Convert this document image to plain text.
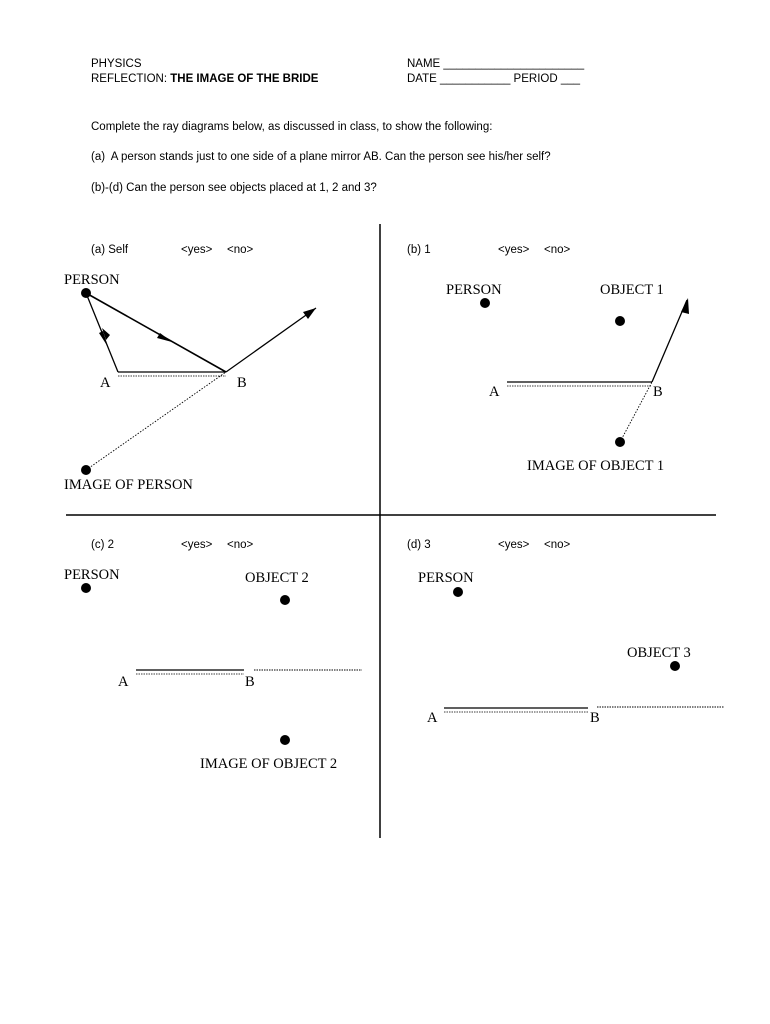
PHYSICS
REFLECTION: THE IMAGE OF THE BRIDE
NAME ______________________
DATE ___________ PERIOD ___
Complete the ray diagrams below, as discussed in class, to show the following:
(a)  A person stands just to one side of a plane mirror AB. Can the person see his/her self?
(b)-(d) Can the person see objects placed at 1, 2 and 3?
(a) Self	<yes> <no>
PERSON
A	B
IMAGE OF PERSON
(b) 1	<yes> <no>
PERSON	OBJECT 1
A	B
IMAGE OF OBJECT 1
(c) 2	<yes> <no>
PERSON	OBJECT 2
A	B
IMAGE OF OBJECT 2
(d) 3	<yes> <no>
PERSON
OBJECT 3
A	B
